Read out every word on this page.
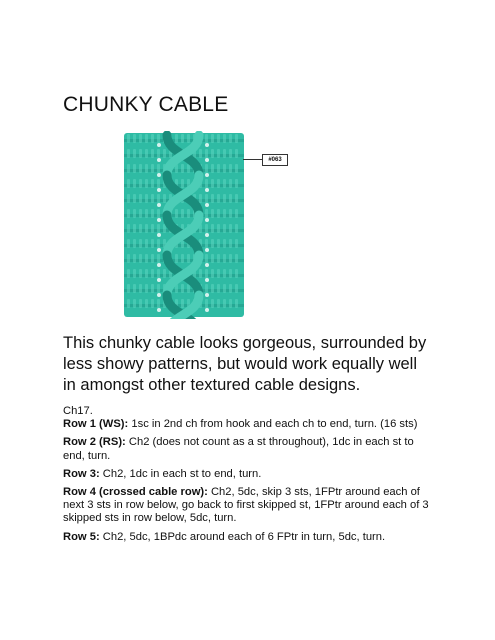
CHUNKY CABLE
#063

This chunky cable looks gorgeous, surrounded by less showy patterns, but would work equally well in amongst other textured cable designs.

Ch17.

Row 1 (WS): 1sc in 2nd ch from hook and each ch to end, turn. (16 sts)

Row 2 (RS): Ch2 (does not count as a st throughout), 1dc in each st to end, turn.

Row 3: Ch2, 1dc in each st to end, turn.

Row 4 (crossed cable row): Ch2, 5dc, skip 3 sts, 1FPtr around each of next 3 sts in row below, go back to first skipped st, 1FPtr around each of 3 skipped sts in row below, 5dc, turn.

Row 5: Ch2, 5dc, 1BPdc around each of 6 FPtr in turn, 5dc, turn.
